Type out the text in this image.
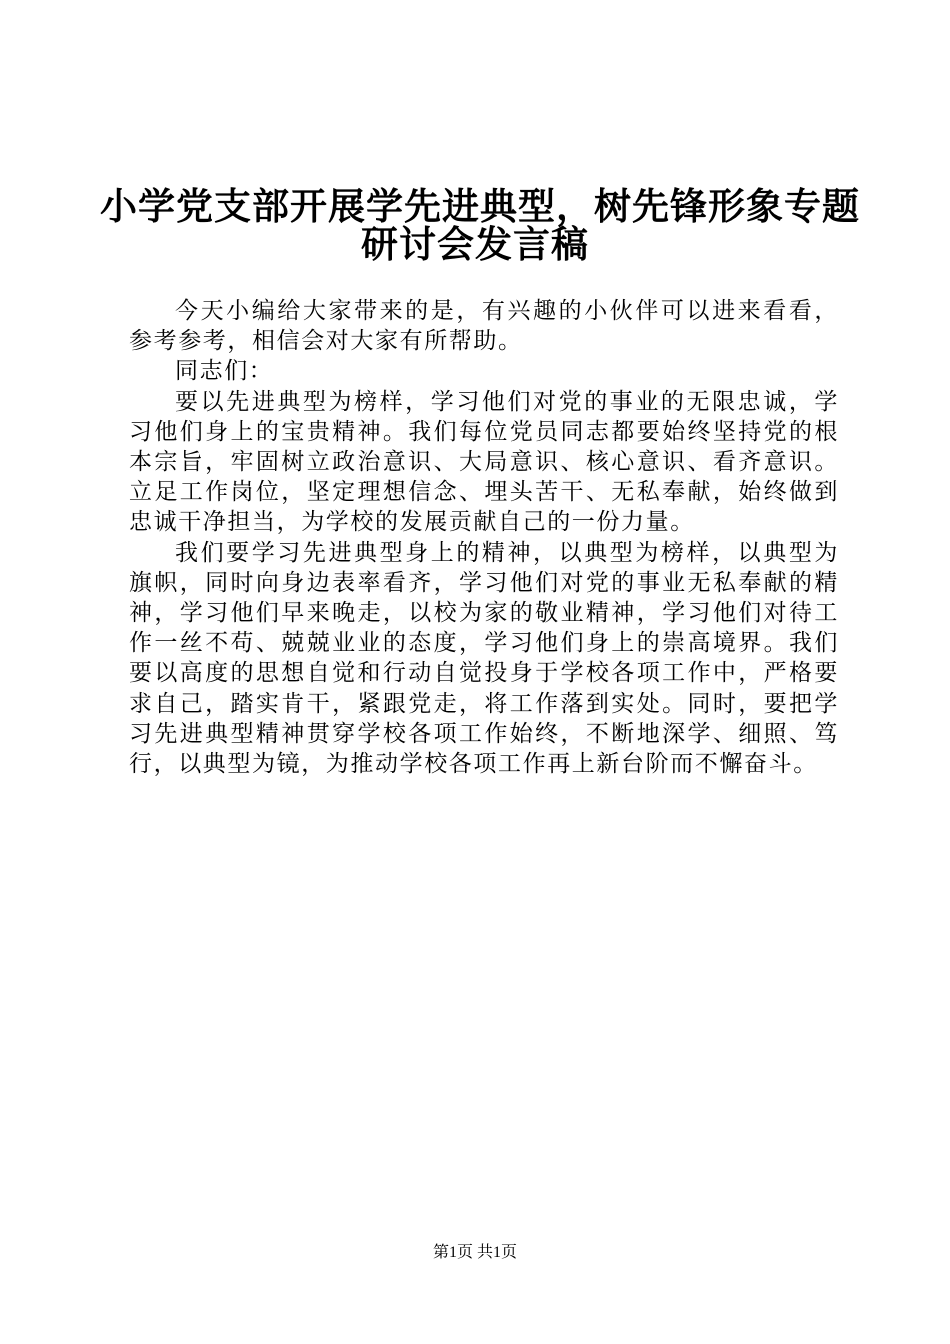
小学党支部开展学先进典型，树先锋形象专题
研讨会发言稿

今天小编给大家带来的是，有兴趣的小伙伴可以进来看看，参考参考，相信会对大家有所帮助。

同志们：

要以先进典型为榜样，学习他们对党的事业的无限忠诚，学习他们身上的宝贵精神。我们每位党员同志都要始终坚持党的根本宗旨，牢固树立政治意识、大局意识、核心意识、看齐意识。立足工作岗位，坚定理想信念、埋头苦干、无私奉献，始终做到忠诚干净担当，为学校的发展贡献自己的一份力量。

我们要学习先进典型身上的精神，以典型为榜样，以典型为旗帜，同时向身边表率看齐，学习他们对党的事业无私奉献的精神，学习他们早来晚走，以校为家的敬业精神，学习他们对待工作一丝不苟、兢兢业业的态度，学习他们身上的崇高境界。我们要以高度的思想自觉和行动自觉投身于学校各项工作中，严格要求自己，踏实肯干，紧跟党走，将工作落到实处。同时，要把学习先进典型精神贯穿学校各项工作始终，不断地深学、细照、笃行，以典型为镜，为推动学校各项工作再上新台阶而不懈奋斗。

第1页 共1页
